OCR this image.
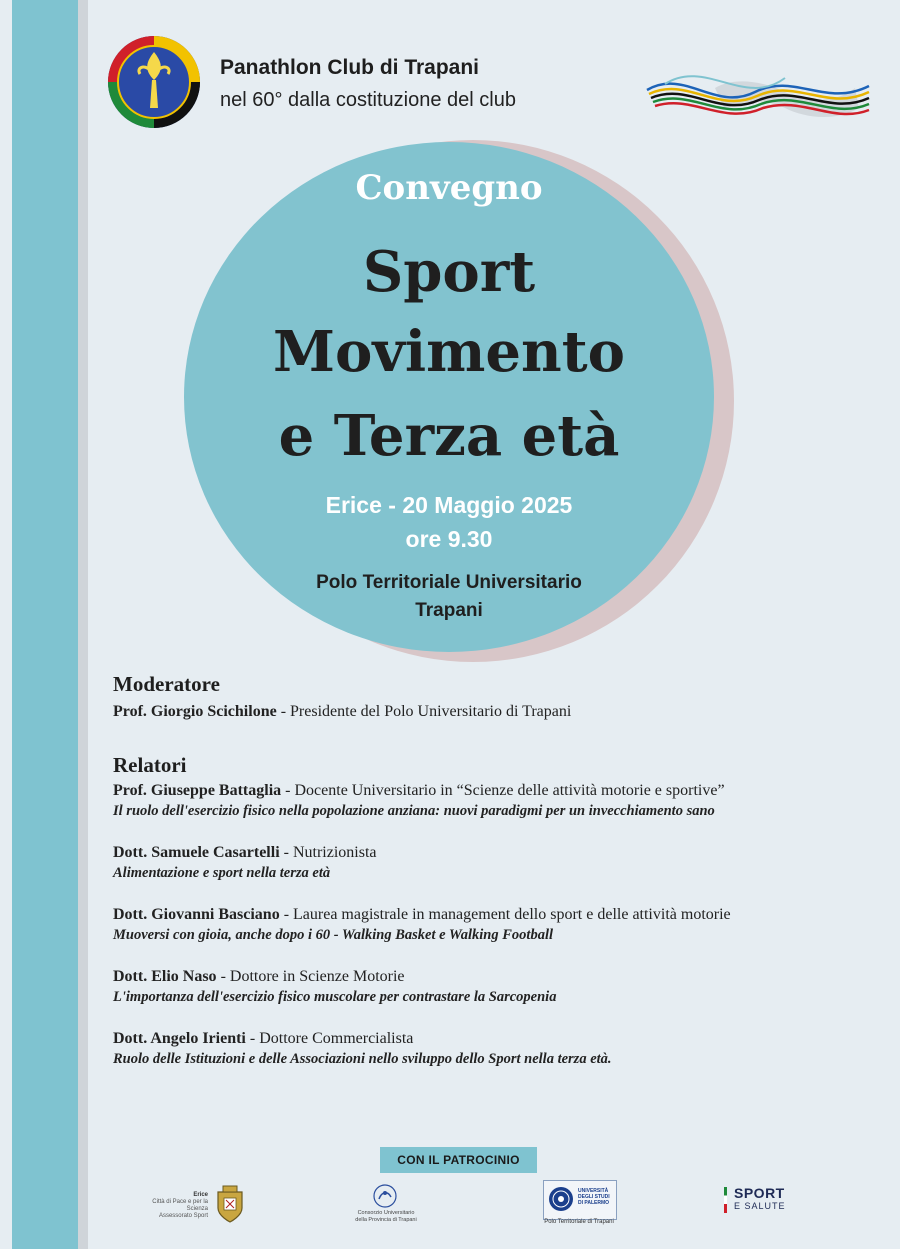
Panathlon Club di Trapani
nel 60° dalla costituzione del club
Convegno
Sport
Movimento
e Terza età
Erice - 20 Maggio 2025
ore 9.30
Polo Territoriale Universitario
Trapani
Moderatore
Prof. Giorgio Scichilone - Presidente del Polo Universitario di Trapani
Relatori
Prof. Giuseppe Battaglia - Docente Universitario in “Scienze delle attività motorie e sportive”
Il ruolo dell'esercizio fisico nella popolazione anziana: nuovi paradigmi per un invecchiamento sano
Dott. Samuele Casartelli - Nutrizionista
Alimentazione e sport nella terza età
Dott. Giovanni Basciano - Laurea magistrale in management dello sport e delle attività motorie
Muoversi con gioia, anche dopo i 60 - Walking Basket e Walking Football
Dott. Elio Naso - Dottore in Scienze Motorie
L'importanza dell'esercizio fisico muscolare per contrastare la Sarcopenia
Dott. Angelo Irienti - Dottore Commercialista
Ruolo delle Istituzioni e delle Associazioni nello sviluppo dello Sport nella terza età.
CON IL PATROCINIO
Erice
Città di Pace e per la Scienza
Assessorato Sport	Consorzio Universitario
della Provincia di Trapani
UNIVERSITÀ
DEGLI STUDI
DI PALERMO
Polo Territoriale di Trapani
SPORT
E SALUTE
